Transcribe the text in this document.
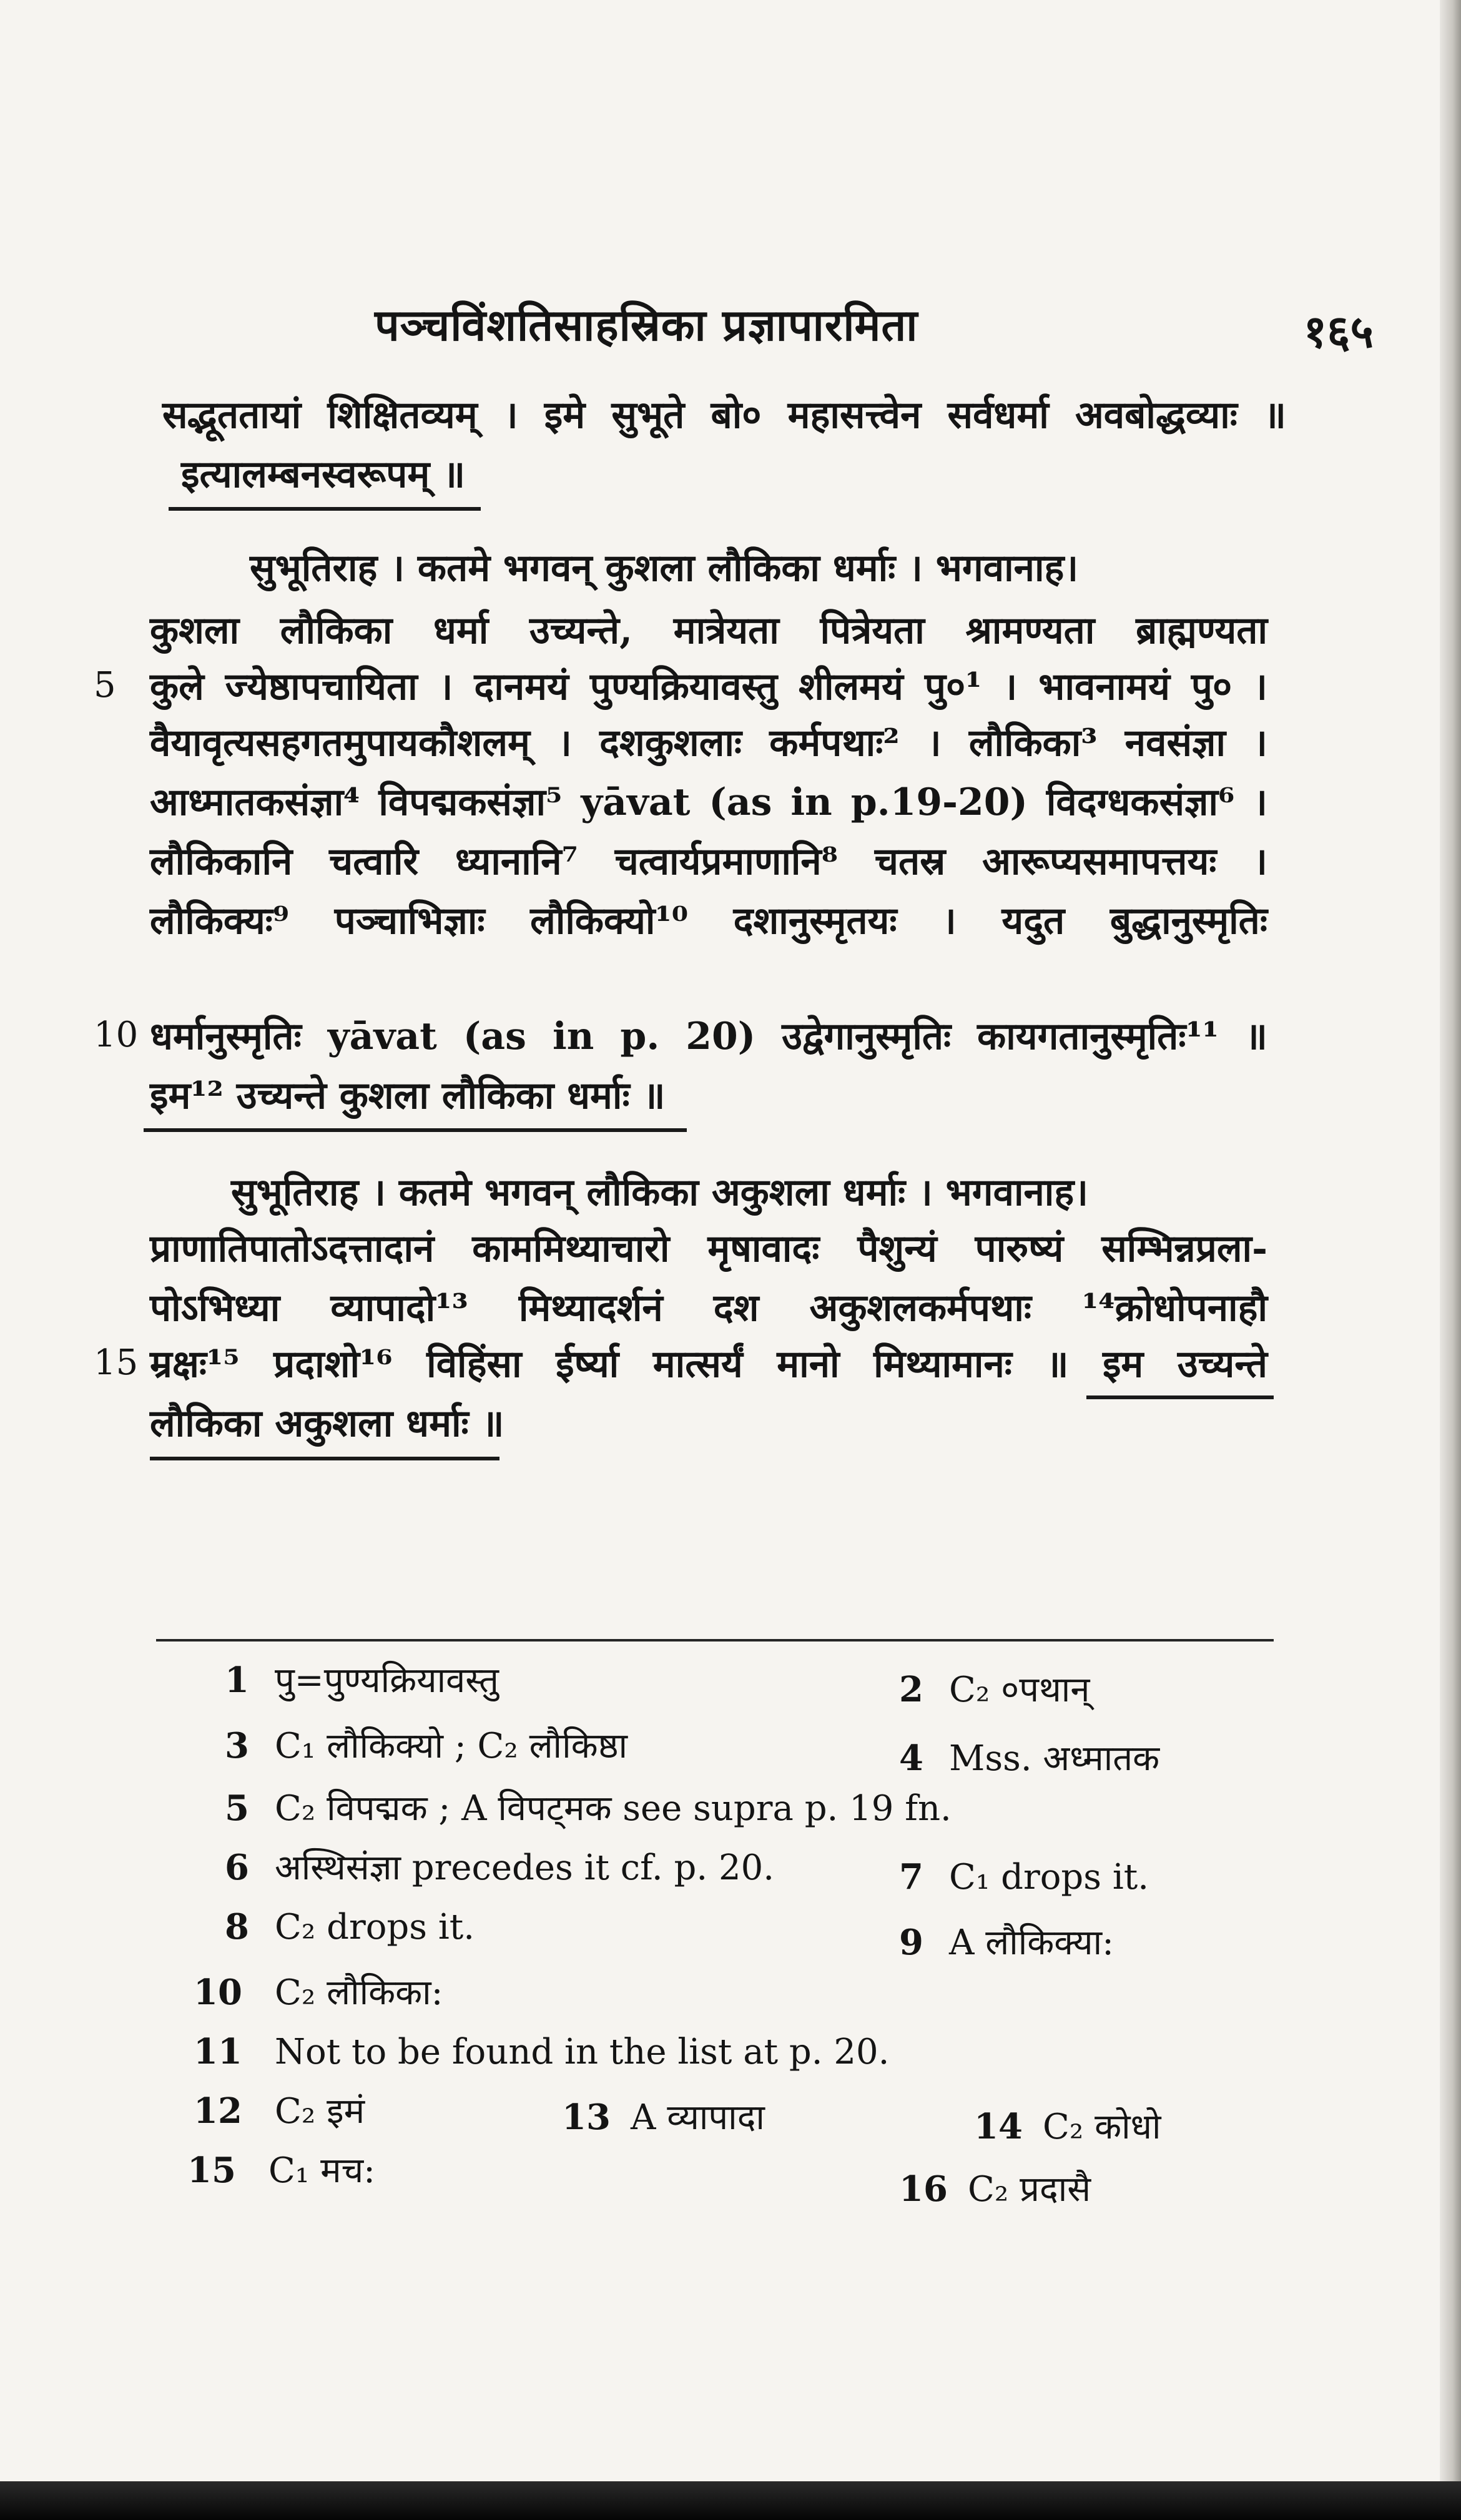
पञ्चविंशतिसाहस्रिका प्रज्ञापारमिता	१६५
सद्भूततायां शिक्षितव्यम् । इमे सुभूते बो० महासत्त्वेन सर्वधर्मा अवबोद्धव्याः ॥
इत्यालम्बनस्वरूपम् ॥
सुभूतिराह । कतमे भगवन् कुशला लौकिका धर्माः । भगवानाह।
कुशला लौकिका धर्मा उच्यन्ते, मात्रेयता पित्रेयता श्रामण्यता ब्राह्मण्यता
5 कुले ज्येष्ठापचायिता । दानमयं पुण्यक्रियावस्तु शीलमयं पु०¹ । भावनामयं पु० ।
वैयावृत्यसहगतमुपायकौशलम् । दशकुशलाः कर्मपथाः² । लौकिका³ नवसंज्ञा ।
आध्मातकसंज्ञा⁴ विपद्मकसंज्ञा⁵ yāvat (as in p.19-20) विदग्धकसंज्ञा⁶ ।
लौकिकानि चत्वारि ध्यानानि⁷ चत्वार्यप्रमाणानि⁸ चतस्र आरूप्यसमापत्तयः ।
लौकिक्यः⁹ पञ्चाभिज्ञाः लौकिक्यो¹⁰ दशानुस्मृतयः । यदुत बुद्धानुस्मृतिः
10 धर्मानुस्मृतिः yāvat (as in p. 20) उद्वेगानुस्मृतिः कायगतानुस्मृतिः¹¹ ॥
इम¹² उच्यन्ते कुशला लौकिका धर्माः ॥
सुभूतिराह । कतमे भगवन् लौकिका अकुशला धर्माः । भगवानाह।
प्राणातिपातोऽदत्तादानं काममिथ्याचारो मृषावादः पैशुन्यं पारुष्यं सम्भिन्नप्रला-
पोऽभिध्या व्यापादो¹³ मिथ्यादर्शनं दश अकुशलकर्मपथाः ¹⁴क्रोधोपनाहौ
15 म्रक्षः¹⁵ प्रदाशो¹⁶ विहिंसा ईर्ष्या मात्सर्यं मानो मिथ्यामानः ॥ इम उच्यन्ते
लौकिका अकुशला धर्माः ॥
1 पु=पुण्यक्रियावस्तु	2 C₂ ०पथान्
3 C₁ लौकिक्यो ; C₂ लौकिष्ठा	4 Mss. अध्मातक
5 C₂ विपद्मक ; A विपट्मक see supra p. 19 fn.
6 अस्थिसंज्ञा precedes it cf. p. 20.	7 C₁ drops it.
8 C₂ drops it.	9 A लौकिक्या:
10 C₂ लौकिका:
11 Not to be found in the list at p. 20.
12 C₂ इमं	13 A व्यापादा	14 C₂ कोधो
15 C₁ मच:	16 C₂ प्रदासै
